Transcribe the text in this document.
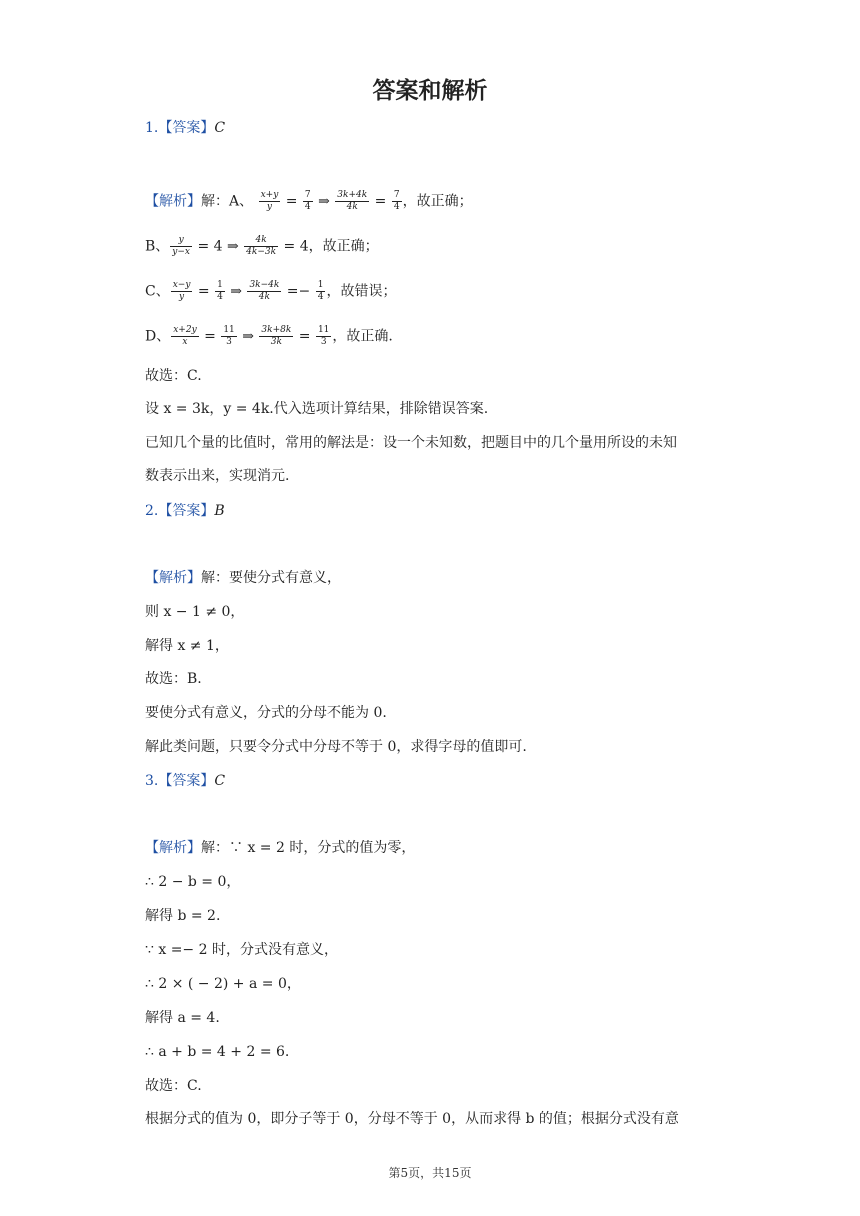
答案和解析
1.【答案】C
【解析】解：A、 $\frac{x+y}{y} = \frac{7}{4}$ ⇒ $\frac{3k+4k}{4k} = \frac{7}{4}$ ，故正确；
B、 $\frac{y}{y-x} = 4$ ⇒ $\frac{4k}{4k-3k} = 4$，故正确；
C、 $\frac{x-y}{y} = \frac{1}{4}$ ⇒ $\frac{3k-4k}{4k} =- \frac{1}{4}$ ，故错误；
D、 $\frac{x+2y}{x} = \frac{11}{3}$ ⇒ $\frac{3k+8k}{3k} = \frac{11}{3}$ ，故正确.
故选：C.
设 x = 3k，y = 4k.代入选项计算结果，排除错误答案.
已知几个量的比值时，常用的解法是：设一个未知数，把题目中的几个量用所设的未知
数表示出来，实现消元.
2.【答案】B
【解析】解：要使分式有意义，
则 x − 1 ≠ 0，
解得 x ≠ 1，
故选：B.
要使分式有意义，分式的分母不能为 0.
解此类问题，只要令分式中分母不等于 0，求得字母的值即可.
3.【答案】C
【解析】解：∵ x = 2 时，分式的值为零，
∴ 2 − b = 0，
解得 b = 2.
∵ x =− 2 时，分式没有意义，
∴ 2 × ( − 2) + a = 0，
解得 a = 4.
∴ a + b = 4 + 2 = 6.
故选：C.
根据分式的值为 0，即分子等于 0，分母不等于 0，从而求得 b 的值；根据分式没有意
第5页，共15页
